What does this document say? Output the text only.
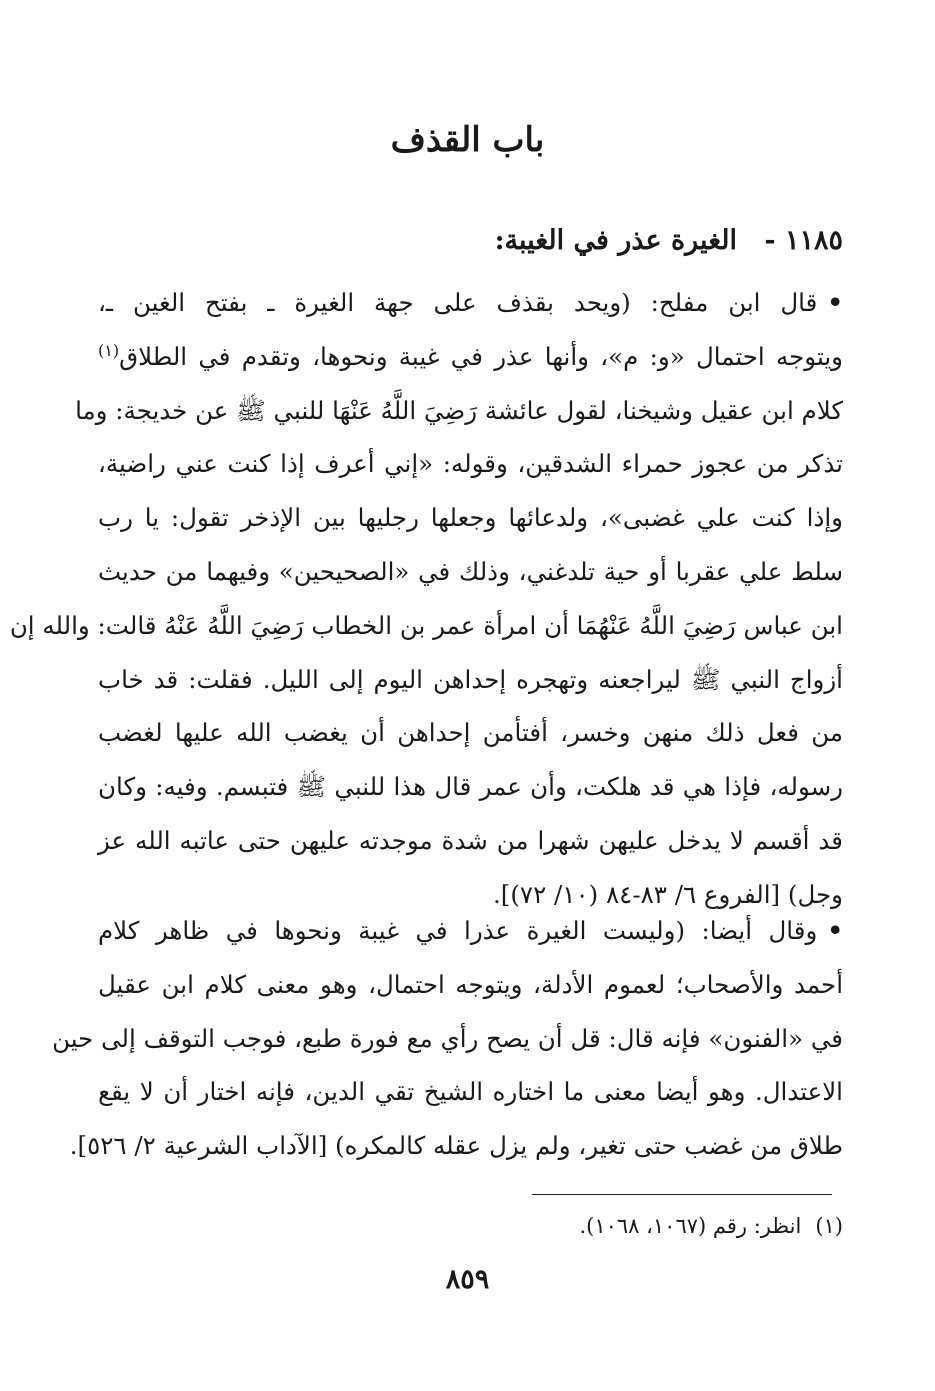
باب القذف
١١٨٥ - الغيرة عذر في الغيبة:
•قال ابن مفلح: (ويحد بقذف على جهة الغيرة ـ بفتح الغين ـ،
ويتوجه احتمال «و: م»، وأنها عذر في غيبة ونحوها، وتقدم في الطلاق$^{(١)}$
كلام ابن عقيل وشيخنا، لقول عائشة رَضِيَ اللَّهُ عَنْهَا للنبي ﷺ عن خديجة: وما
تذكر من عجوز حمراء الشدقين، وقوله: «إني أعرف إذا كنت عني راضية،
وإذا كنت علي غضبى»، ولدعائها وجعلها رجليها بين الإذخر تقول: يا رب
سلط علي عقربا أو حية تلدغني، وذلك في «الصحيحين» وفيهما من حديث
ابن عباس رَضِيَ اللَّهُ عَنْهُمَا أن امرأة عمر بن الخطاب رَضِيَ اللَّهُ عَنْهُ قالت: والله إن
أزواج النبي ﷺ ليراجعنه وتهجره إحداهن اليوم إلى الليل. فقلت: قد خاب
من فعل ذلك منهن وخسر، أفتأمن إحداهن أن يغضب الله عليها لغضب
رسوله، فإذا هي قد هلكت، وأن عمر قال هذا للنبي ﷺ فتبسم. وفيه: وكان
قد أقسم لا يدخل عليهن شهرا من شدة موجدته عليهن حتى عاتبه الله عز
وجل) [الفروع ٦/ ٨٣-٨٤ (١٠/ ٧٢)].
•وقال أيضا: (وليست الغيرة عذرا في غيبة ونحوها في ظاهر كلام
أحمد والأصحاب؛ لعموم الأدلة، ويتوجه احتمال، وهو معنى كلام ابن عقيل
في «الفنون» فإنه قال: قل أن يصح رأي مع فورة طبع، فوجب التوقف إلى حين
الاعتدال. وهو أيضا معنى ما اختاره الشيخ تقي الدين، فإنه اختار أن لا يقع
طلاق من غضب حتى تغير، ولم يزل عقله كالمكره) [الآداب الشرعية ٢/ ٥٢٦].
(١)انظر: رقم (١٠٦٧، ١٠٦٨).
٨٥٩
